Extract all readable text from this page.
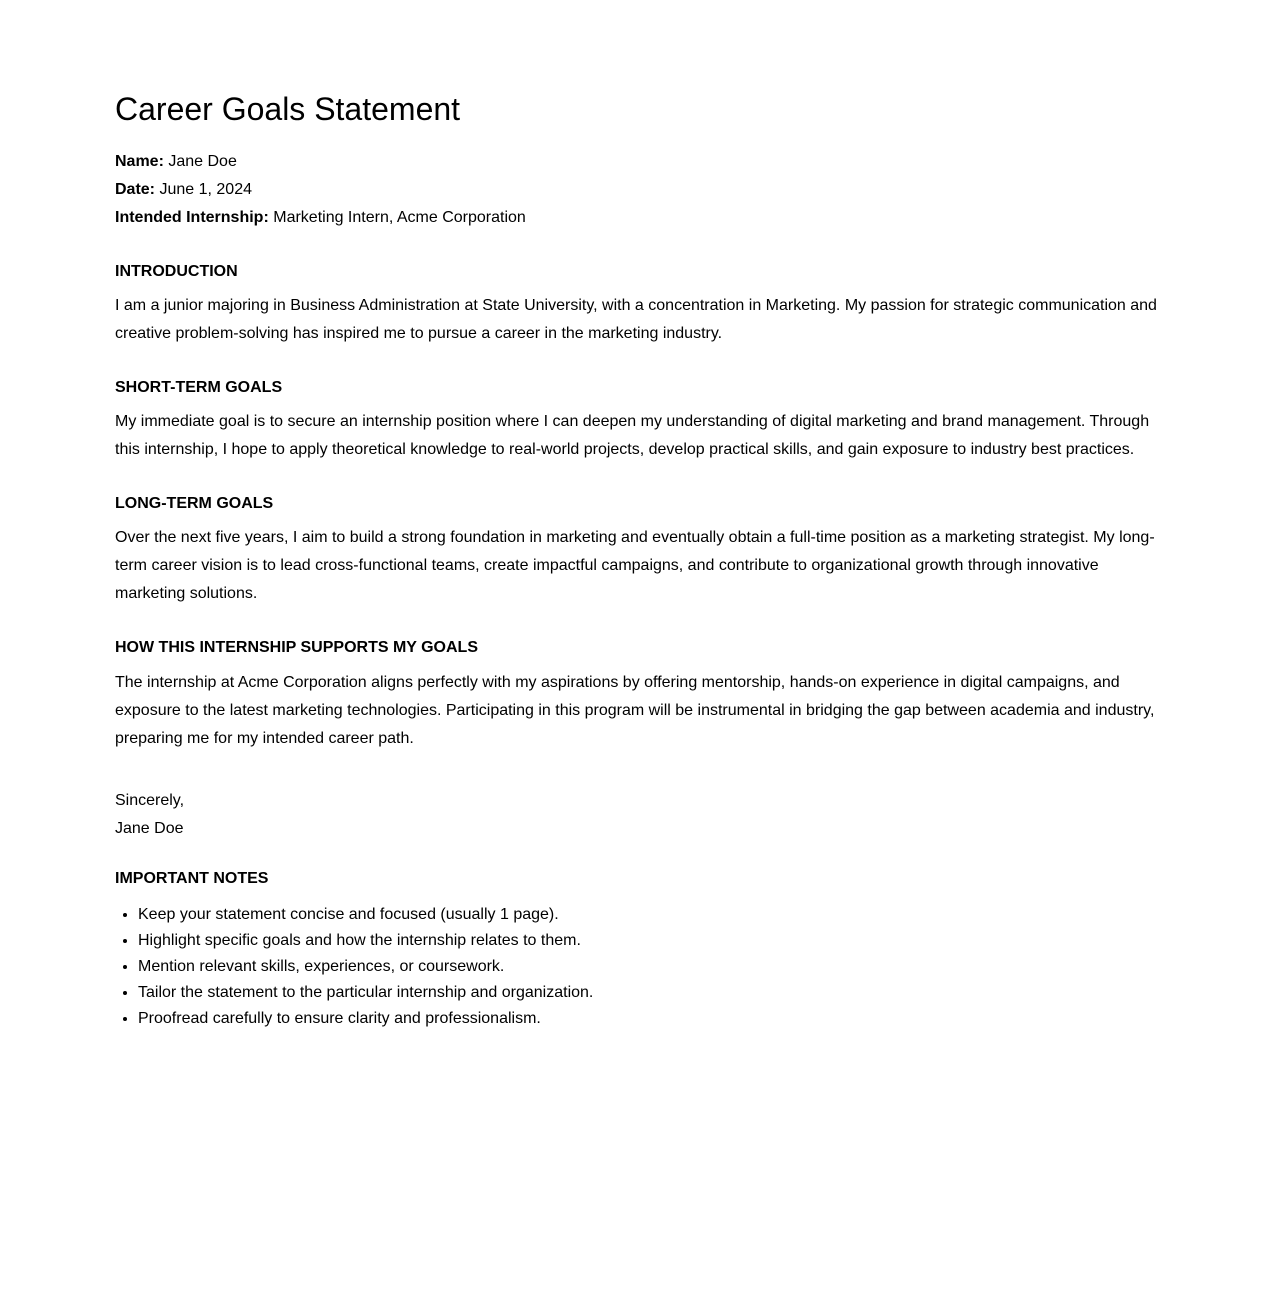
Career Goals Statement

Name: Jane Doe

Date: June 1, 2024

Intended Internship: Marketing Intern, Acme Corporation

INTRODUCTION

I am a junior majoring in Business Administration at State University, with a concentration in Marketing. My passion for strategic communication and creative problem-solving has inspired me to pursue a career in the marketing industry.

SHORT-TERM GOALS

My immediate goal is to secure an internship position where I can deepen my understanding of digital marketing and brand management. Through this internship, I hope to apply theoretical knowledge to real-world projects, develop practical skills, and gain exposure to industry best practices.

LONG-TERM GOALS

Over the next five years, I aim to build a strong foundation in marketing and eventually obtain a full-time position as a marketing strategist. My long-term career vision is to lead cross-functional teams, create impactful campaigns, and contribute to organizational growth through innovative marketing solutions.

HOW THIS INTERNSHIP SUPPORTS MY GOALS

The internship at Acme Corporation aligns perfectly with my aspirations by offering mentorship, hands-on experience in digital campaigns, and exposure to the latest marketing technologies. Participating in this program will be instrumental in bridging the gap between academia and industry, preparing me for my intended career path.

Sincerely,

Jane Doe

IMPORTANT NOTES
• Keep your statement concise and focused (usually 1 page).
• Highlight specific goals and how the internship relates to them.
• Mention relevant skills, experiences, or coursework.
• Tailor the statement to the particular internship and organization.
• Proofread carefully to ensure clarity and professionalism.
